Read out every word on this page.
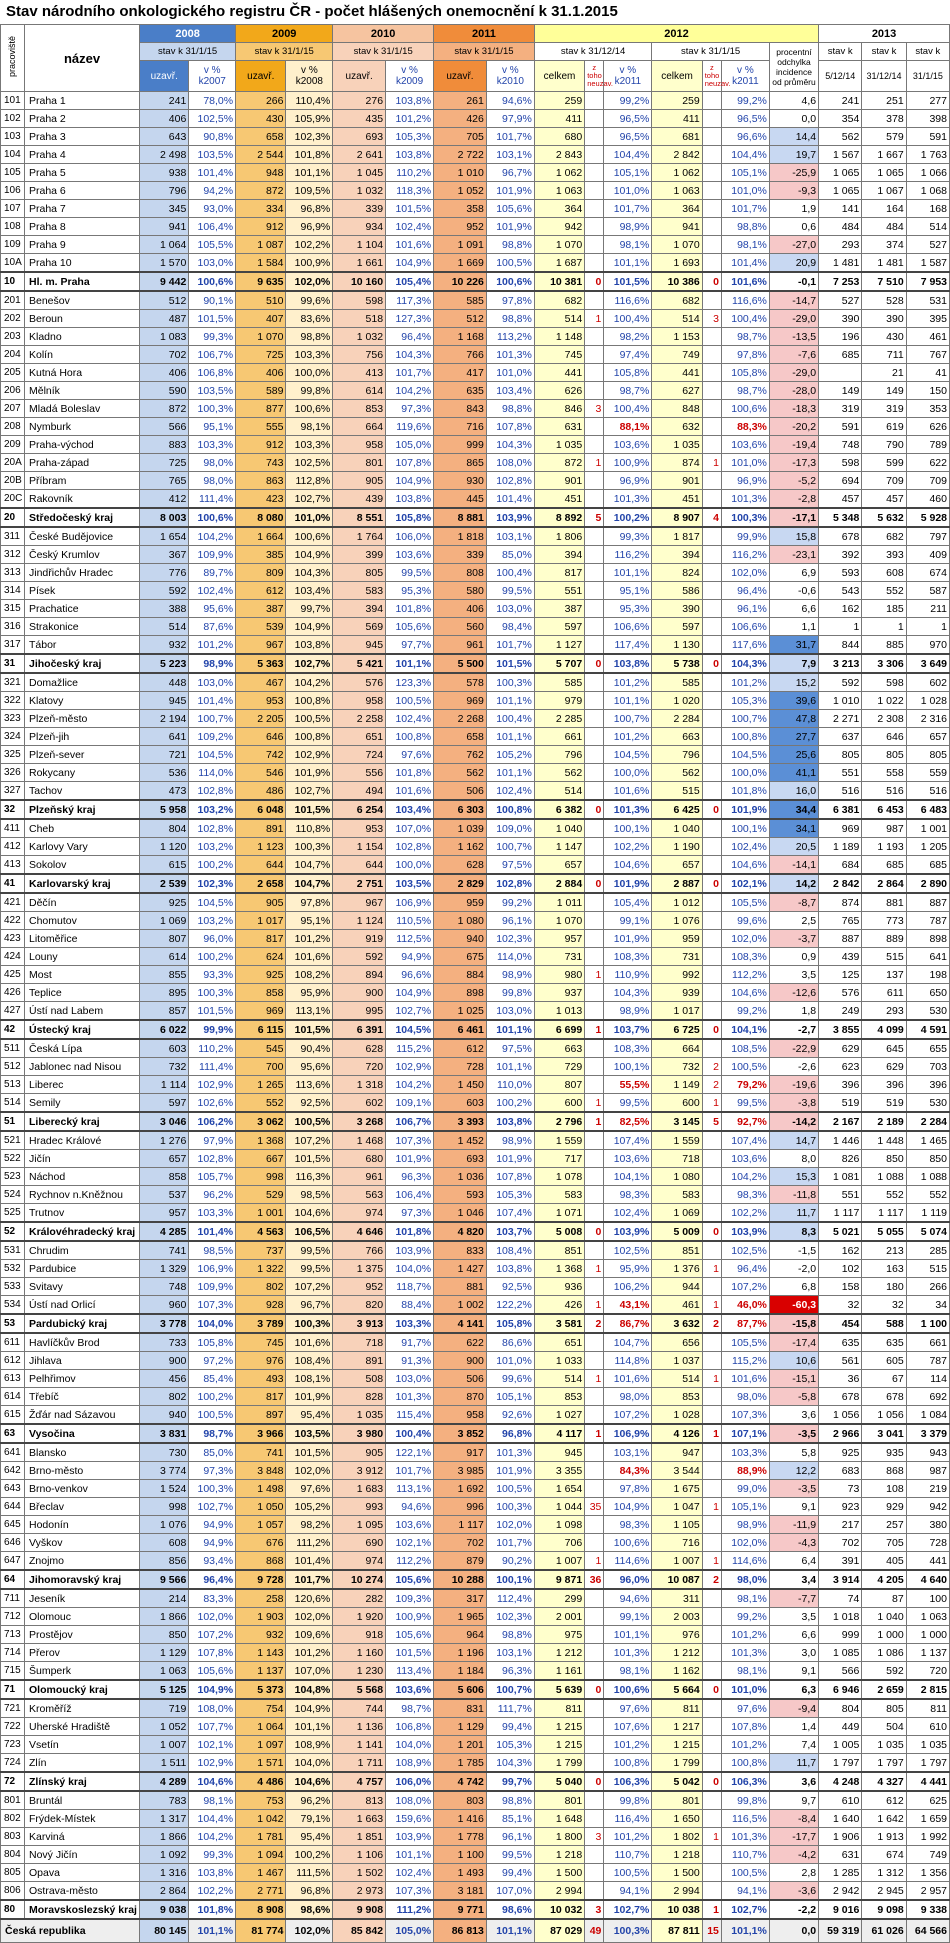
Stav národního onkologického registru ČR - počet hlášených onemocnění k 31.1.2015
pracoviště	název	2008		2009		2010		2011		2012							2013		
		stav k 31/1/15		stav k 31/1/15		stav k 31/1/15		stav k 31/1/15		stav k 31/12/14			stav k 31/1/15			procentní odchylka incidence od průměru	stav k	stav k	stav k
		uzavř.	v % k2007	uzavř.	v % k2008	uzavř.	v % k2009	uzavř.	v % k2010	celkem	z toho neuzav.	v % k2011	celkem	z toho neuzav.	v % k2011		5/12/14	31/12/14	31/1/15
101	Praha 1	241	78,0%	266	110,4%	276	103,8%	261	94,6%	259		99,2%	259		99,2%	4,6	241	251	277
102	Praha 2	406	102,5%	430	105,9%	435	101,2%	426	97,9%	411		96,5%	411		96,5%	0,0	354	378	398
103	Praha 3	643	90,8%	658	102,3%	693	105,3%	705	101,7%	680		96,5%	681		96,6%	14,4	562	579	591
104	Praha 4	2 498	103,5%	2 544	101,8%	2 641	103,8%	2 722	103,1%	2 843		104,4%	2 842		104,4%	19,7	1 567	1 667	1 763
105	Praha 5	938	101,4%	948	101,1%	1 045	110,2%	1 010	96,7%	1 062		105,1%	1 062		105,1%	-25,9	1 065	1 065	1 066
106	Praha 6	796	94,2%	872	109,5%	1 032	118,3%	1 052	101,9%	1 063		101,0%	1 063		101,0%	-9,3	1 065	1 067	1 068
107	Praha 7	345	93,0%	334	96,8%	339	101,5%	358	105,6%	364		101,7%	364		101,7%	1,9	141	164	168
108	Praha 8	941	106,4%	912	96,9%	934	102,4%	952	101,9%	942		98,9%	941		98,8%	0,6	484	484	514
109	Praha 9	1 064	105,5%	1 087	102,2%	1 104	101,6%	1 091	98,8%	1 070		98,1%	1 070		98,1%	-27,0	293	374	527
10A	Praha 10	1 570	103,0%	1 584	100,9%	1 661	104,9%	1 669	100,5%	1 687		101,1%	1 693		101,4%	20,9	1 481	1 481	1 587
10	Hl. m. Praha	9 442	100,6%	9 635	102,0%	10 160	105,4%	10 226	100,6%	10 381	0	101,5%	10 386	0	101,6%	-0,1	7 253	7 510	7 953
201	Benešov	512	90,1%	510	99,6%	598	117,3%	585	97,8%	682		116,6%	682		116,6%	-14,7	527	528	531
202	Beroun	487	101,5%	407	83,6%	518	127,3%	512	98,8%	514	1	100,4%	514	3	100,4%	-29,0	390	390	395
203	Kladno	1 083	99,3%	1 070	98,8%	1 032	96,4%	1 168	113,2%	1 148		98,2%	1 153		98,7%	-13,5	196	430	461
204	Kolín	702	106,7%	725	103,3%	756	104,3%	766	101,3%	745		97,4%	749		97,8%	-7,6	685	711	767
205	Kutná Hora	406	106,8%	406	100,0%	413	101,7%	417	101,0%	441		105,8%	441		105,8%	-29,0		21	41
206	Mělník	590	103,5%	589	99,8%	614	104,2%	635	103,4%	626		98,7%	627		98,7%	-28,0	149	149	150
207	Mladá Boleslav	872	100,3%	877	100,6%	853	97,3%	843	98,8%	846	3	100,4%	848		100,6%	-18,3	319	319	353
208	Nymburk	566	95,1%	555	98,1%	664	119,6%	716	107,8%	631		88,1%	632		88,3%	-20,2	591	619	626
209	Praha-východ	883	103,3%	912	103,3%	958	105,0%	999	104,3%	1 035		103,6%	1 035		103,6%	-19,4	748	790	789
20A	Praha-západ	725	98,0%	743	102,5%	801	107,8%	865	108,0%	872	1	100,9%	874	1	101,0%	-17,3	598	599	622
20B	Příbram	765	98,0%	863	112,8%	905	104,9%	930	102,8%	901		96,9%	901		96,9%	-5,2	694	709	709
20C	Rakovník	412	111,4%	423	102,7%	439	103,8%	445	101,4%	451		101,3%	451		101,3%	-2,8	457	457	460
20	Středočeský kraj	8 003	100,6%	8 080	101,0%	8 551	105,8%	8 881	103,9%	8 892	5	100,2%	8 907	4	100,3%	-17,1	5 348	5 632	5 928
311	České Budějovice	1 654	104,2%	1 664	100,6%	1 764	106,0%	1 818	103,1%	1 806		99,3%	1 817		99,9%	15,8	678	682	797
312	Český Krumlov	367	109,9%	385	104,9%	399	103,6%	339	85,0%	394		116,2%	394		116,2%	-23,1	392	393	409
313	Jindřichův Hradec	776	89,7%	809	104,3%	805	99,5%	808	100,4%	817		101,1%	824		102,0%	6,9	593	608	674
314	Písek	592	102,4%	612	103,4%	583	95,3%	580	99,5%	551		95,1%	586		96,4%	-0,6	543	552	587
315	Prachatice	388	95,6%	387	99,7%	394	101,8%	406	103,0%	387		95,3%	390		96,1%	6,6	162	185	211
316	Strakonice	514	87,6%	539	104,9%	569	105,6%	560	98,4%	597		106,6%	597		106,6%	1,1	1	1	1
317	Tábor	932	101,2%	967	103,8%	945	97,7%	961	101,7%	1 127		117,4%	1 130		117,6%	31,7	844	885	970
31	Jihočeský kraj	5 223	98,9%	5 363	102,7%	5 421	101,1%	5 500	101,5%	5 707	0	103,8%	5 738	0	104,3%	7,9	3 213	3 306	3 649
321	Domažlice	448	103,0%	467	104,2%	576	123,3%	578	100,3%	585		101,2%	585		101,2%	15,2	592	598	602
322	Klatovy	945	101,4%	953	100,8%	958	100,5%	969	101,1%	979		101,1%	1 020		105,3%	39,6	1 010	1 022	1 028
323	Plzeň-město	2 194	100,7%	2 205	100,5%	2 258	102,4%	2 268	100,4%	2 285		100,7%	2 284		100,7%	47,8	2 271	2 308	2 316
324	Plzeň-jih	641	109,2%	646	100,8%	651	100,8%	658	101,1%	661		101,2%	663		100,8%	27,7	637	646	657
325	Plzeň-sever	721	104,5%	742	102,9%	724	97,6%	762	105,2%	796		104,5%	796		104,5%	25,6	805	805	805
326	Rokycany	536	114,0%	546	101,9%	556	101,8%	562	101,1%	562		100,0%	562		100,0%	41,1	551	558	559
327	Tachov	473	102,8%	486	102,7%	494	101,6%	506	102,4%	514		101,6%	515		101,8%	16,0	516	516	516
32	Plzeňský kraj	5 958	103,2%	6 048	101,5%	6 254	103,4%	6 303	100,8%	6 382	0	101,3%	6 425	0	101,9%	34,4	6 381	6 453	6 483
411	Cheb	804	102,8%	891	110,8%	953	107,0%	1 039	109,0%	1 040		100,1%	1 040		100,1%	34,1	969	987	1 001
412	Karlovy Vary	1 120	103,2%	1 123	100,3%	1 154	102,8%	1 162	100,7%	1 147		102,2%	1 190		102,4%	20,5	1 189	1 193	1 205
413	Sokolov	615	100,2%	644	104,7%	644	100,0%	628	97,5%	657		104,6%	657		104,6%	-14,1	684	685	685
41	Karlovarský kraj	2 539	102,3%	2 658	104,7%	2 751	103,5%	2 829	102,8%	2 884	0	101,9%	2 887	0	102,1%	14,2	2 842	2 864	2 890
421	Děčín	925	104,5%	905	97,8%	967	106,9%	959	99,2%	1 011		105,4%	1 012		105,5%	-8,7	874	881	887
422	Chomutov	1 069	103,2%	1 017	95,1%	1 124	110,5%	1 080	96,1%	1 070		99,1%	1 076		99,6%	2,5	765	773	787
423	Litoměřice	807	96,0%	817	101,2%	919	112,5%	940	102,3%	957		101,9%	959		102,0%	-3,7	887	889	898
424	Louny	614	100,2%	624	101,6%	592	94,9%	675	114,0%	731		108,3%	731		108,3%	0,9	439	515	641
425	Most	855	93,3%	925	108,2%	894	96,6%	884	98,9%	980	1	110,9%	992		112,2%	3,5	125	137	198
426	Teplice	895	100,3%	858	95,9%	900	104,9%	898	99,8%	937		104,3%	939		104,6%	-12,6	576	611	650
427	Ústí nad Labem	857	101,5%	969	113,1%	995	102,7%	1 025	103,0%	1 013		98,9%	1 017		99,2%	1,8	249	293	530
42	Ústecký kraj	6 022	99,9%	6 115	101,5%	6 391	104,5%	6 461	101,1%	6 699	1	103,7%	6 725	0	104,1%	-2,7	3 855	4 099	4 591
511	Česká Lípa	603	110,2%	545	90,4%	628	115,2%	612	97,5%	663		108,3%	664		108,5%	-22,9	629	645	655
512	Jablonec nad Nisou	732	111,4%	700	95,6%	720	102,9%	728	101,1%	729		100,1%	732	2	100,5%	-2,6	623	629	703
513	Liberec	1 114	102,9%	1 265	113,6%	1 318	104,2%	1 450	110,0%	807		55,5%	1 149	2	79,2%	-19,6	396	396	396
514	Semily	597	102,6%	552	92,5%	602	109,1%	603	100,2%	600	1	99,5%	600	1	99,5%	-3,8	519	519	530
51	Liberecký kraj	3 046	106,2%	3 062	100,5%	3 268	106,7%	3 393	103,8%	2 796	1	82,5%	3 145	5	92,7%	-14,2	2 167	2 189	2 284
521	Hradec Králové	1 276	97,9%	1 368	107,2%	1 468	107,3%	1 452	98,9%	1 559		107,4%	1 559		107,4%	14,7	1 446	1 448	1 465
522	Jičín	657	102,8%	667	101,5%	680	101,9%	693	101,9%	717		103,6%	718		103,6%	8,0	826	850	850
523	Náchod	858	105,7%	998	116,3%	961	96,3%	1 036	107,8%	1 078		104,1%	1 080		104,2%	15,3	1 081	1 088	1 088
524	Rychnov n.Kněžnou	537	96,2%	529	98,5%	563	106,4%	593	105,3%	583		98,3%	583		98,3%	-11,8	551	552	552
525	Trutnov	957	103,3%	1 001	104,6%	974	97,3%	1 046	107,4%	1 071		102,4%	1 069		102,2%	11,7	1 117	1 117	1 119
52	Královéhradecký kraj	4 285	101,4%	4 563	106,5%	4 646	101,8%	4 820	103,7%	5 008	0	103,9%	5 009	0	103,9%	8,3	5 021	5 055	5 074
531	Chrudim	741	98,5%	737	99,5%	766	103,9%	833	108,4%	851		102,5%	851		102,5%	-1,5	162	213	285
532	Pardubice	1 329	106,9%	1 322	99,5%	1 375	104,0%	1 427	103,8%	1 368	1	95,9%	1 376	1	96,4%	-2,0	102	163	515
533	Svitavy	748	109,9%	802	107,2%	952	118,7%	881	92,5%	936		106,2%	944		107,2%	6,8	158	180	266
534	Ústí nad Orlicí	960	107,3%	928	96,7%	820	88,4%	1 002	122,2%	426	1	43,1%	461	1	46,0%	-60,3	32	32	34
53	Pardubický kraj	3 778	104,0%	3 789	100,3%	3 913	103,3%	4 141	105,8%	3 581	2	86,7%	3 632	2	87,7%	-15,8	454	588	1 100
611	Havlíčkův Brod	733	105,8%	745	101,6%	718	91,7%	622	86,6%	651		104,7%	656		105,5%	-17,4	635	635	661
612	Jihlava	900	97,2%	976	108,4%	891	91,3%	900	101,0%	1 033		114,8%	1 037		115,2%	10,6	561	605	787
613	Pelhřimov	456	85,4%	493	108,1%	508	103,0%	506	99,6%	514	1	101,6%	514	1	101,6%	-15,1	36	67	114
614	Třebíč	802	100,2%	817	101,9%	828	101,3%	870	105,1%	853		98,0%	853		98,0%	-5,8	678	678	692
615	Žďár nad Sázavou	940	100,5%	897	95,4%	1 035	115,4%	958	92,6%	1 027		107,2%	1 028		107,3%	3,6	1 056	1 056	1 084
63	Vysočina	3 831	98,7%	3 966	103,5%	3 980	100,4%	3 852	96,8%	4 117	1	106,9%	4 126	1	107,1%	-3,5	2 966	3 041	3 379
641	Blansko	730	85,0%	741	101,5%	905	122,1%	917	101,3%	945		103,1%	947		103,3%	5,8	925	935	943
642	Brno-město	3 774	97,3%	3 848	102,0%	3 912	101,7%	3 985	101,9%	3 355		84,3%	3 544		88,9%	12,2	683	868	987
643	Brno-venkov	1 524	100,3%	1 498	97,6%	1 683	113,1%	1 692	100,5%	1 654		97,8%	1 675		99,0%	-3,5	73	108	219
644	Břeclav	998	102,7%	1 050	105,2%	993	94,6%	996	100,3%	1 044	35	104,9%	1 047	1	105,1%	9,1	923	929	942
645	Hodonín	1 076	94,9%	1 057	98,2%	1 095	103,6%	1 117	102,0%	1 098		98,3%	1 105		98,9%	-11,9	217	257	380
646	Vyškov	608	94,9%	676	111,2%	690	102,1%	702	101,7%	706		100,6%	716		102,0%	-4,3	702	705	728
647	Znojmo	856	93,4%	868	101,4%	974	112,2%	879	90,2%	1 007	1	114,6%	1 007	1	114,6%	6,4	391	405	441
64	Jihomoravský kraj	9 566	96,4%	9 728	101,7%	10 274	105,6%	10 288	100,1%	9 871	36	96,0%	10 087	2	98,0%	3,4	3 914	4 205	4 640
711	Jeseník	214	83,3%	258	120,6%	282	109,3%	317	112,4%	299		94,6%	311		98,1%	-7,7	74	87	100
712	Olomouc	1 866	102,0%	1 903	102,0%	1 920	100,9%	1 965	102,3%	2 001		99,1%	2 003		99,2%	3,5	1 018	1 040	1 063
713	Prostějov	850	107,2%	932	109,6%	918	105,6%	964	98,8%	975		101,1%	976		101,2%	6,6	999	1 000	1 000
714	Přerov	1 129	107,8%	1 143	101,2%	1 160	101,5%	1 196	103,1%	1 212		101,3%	1 212		101,3%	3,0	1 085	1 086	1 137
715	Šumperk	1 063	105,6%	1 137	107,0%	1 230	113,4%	1 184	96,3%	1 161		98,1%	1 162		98,1%	9,1	566	592	720
71	Olomoucký kraj	5 125	104,9%	5 373	104,8%	5 568	103,6%	5 606	100,7%	5 639	0	100,6%	5 664	0	101,0%	6,3	6 946	2 659	2 815
721	Kroměříž	719	108,0%	754	104,9%	744	98,7%	831	111,7%	811		97,6%	811		97,6%	-9,4	804	805	811
722	Uherské Hradiště	1 052	107,7%	1 064	101,1%	1 136	106,8%	1 129	99,4%	1 215		107,6%	1 217		107,8%	1,4	449	504	610
723	Vsetín	1 007	102,1%	1 097	108,9%	1 141	104,0%	1 201	105,3%	1 215		101,2%	1 215		101,2%	7,4	1 005	1 035	1 035
724	Zlín	1 511	102,9%	1 571	104,0%	1 711	108,9%	1 785	104,3%	1 799		100,8%	1 799		100,8%	11,7	1 797	1 797	1 797
72	Zlínský kraj	4 289	104,6%	4 486	104,6%	4 757	106,0%	4 742	99,7%	5 040	0	106,3%	5 042	0	106,3%	3,6	4 248	4 327	4 441
801	Bruntál	783	98,1%	753	96,2%	813	108,0%	803	98,8%	801		99,8%	801		99,8%	9,7	610	612	625
802	Frýdek-Místek	1 317	104,4%	1 042	79,1%	1 663	159,6%	1 416	85,1%	1 648		116,4%	1 650		116,5%	-8,4	1 640	1 642	1 659
803	Karviná	1 866	104,2%	1 781	95,4%	1 851	103,9%	1 778	96,1%	1 800	3	101,2%	1 802	1	101,3%	-17,7	1 906	1 913	1 992
804	Nový Jičín	1 092	99,3%	1 094	100,2%	1 106	101,1%	1 100	99,5%	1 218		110,7%	1 218		110,7%	-4,2	631	674	749
805	Opava	1 316	103,8%	1 467	111,5%	1 502	102,4%	1 493	99,4%	1 500		100,5%	1 500		100,5%	2,8	1 285	1 312	1 356
806	Ostrava-město	2 864	102,2%	2 771	96,8%	2 973	107,3%	3 181	107,0%	2 994		94,1%	2 994		94,1%	-3,6	2 942	2 945	2 957
80	Moravskoslezský kraj	9 038	101,8%	8 908	98,6%	9 908	111,2%	9 771	98,6%	10 032	3	102,7%	10 038	1	102,7%	-2,2	9 016	9 098	9 338
Česká republika		80 145	101,1%	81 774	102,0%	85 842	105,0%	86 813	101,1%	87 029	49	100,3%	87 811	15	101,1%	0,0	59 319	61 026	64 566
